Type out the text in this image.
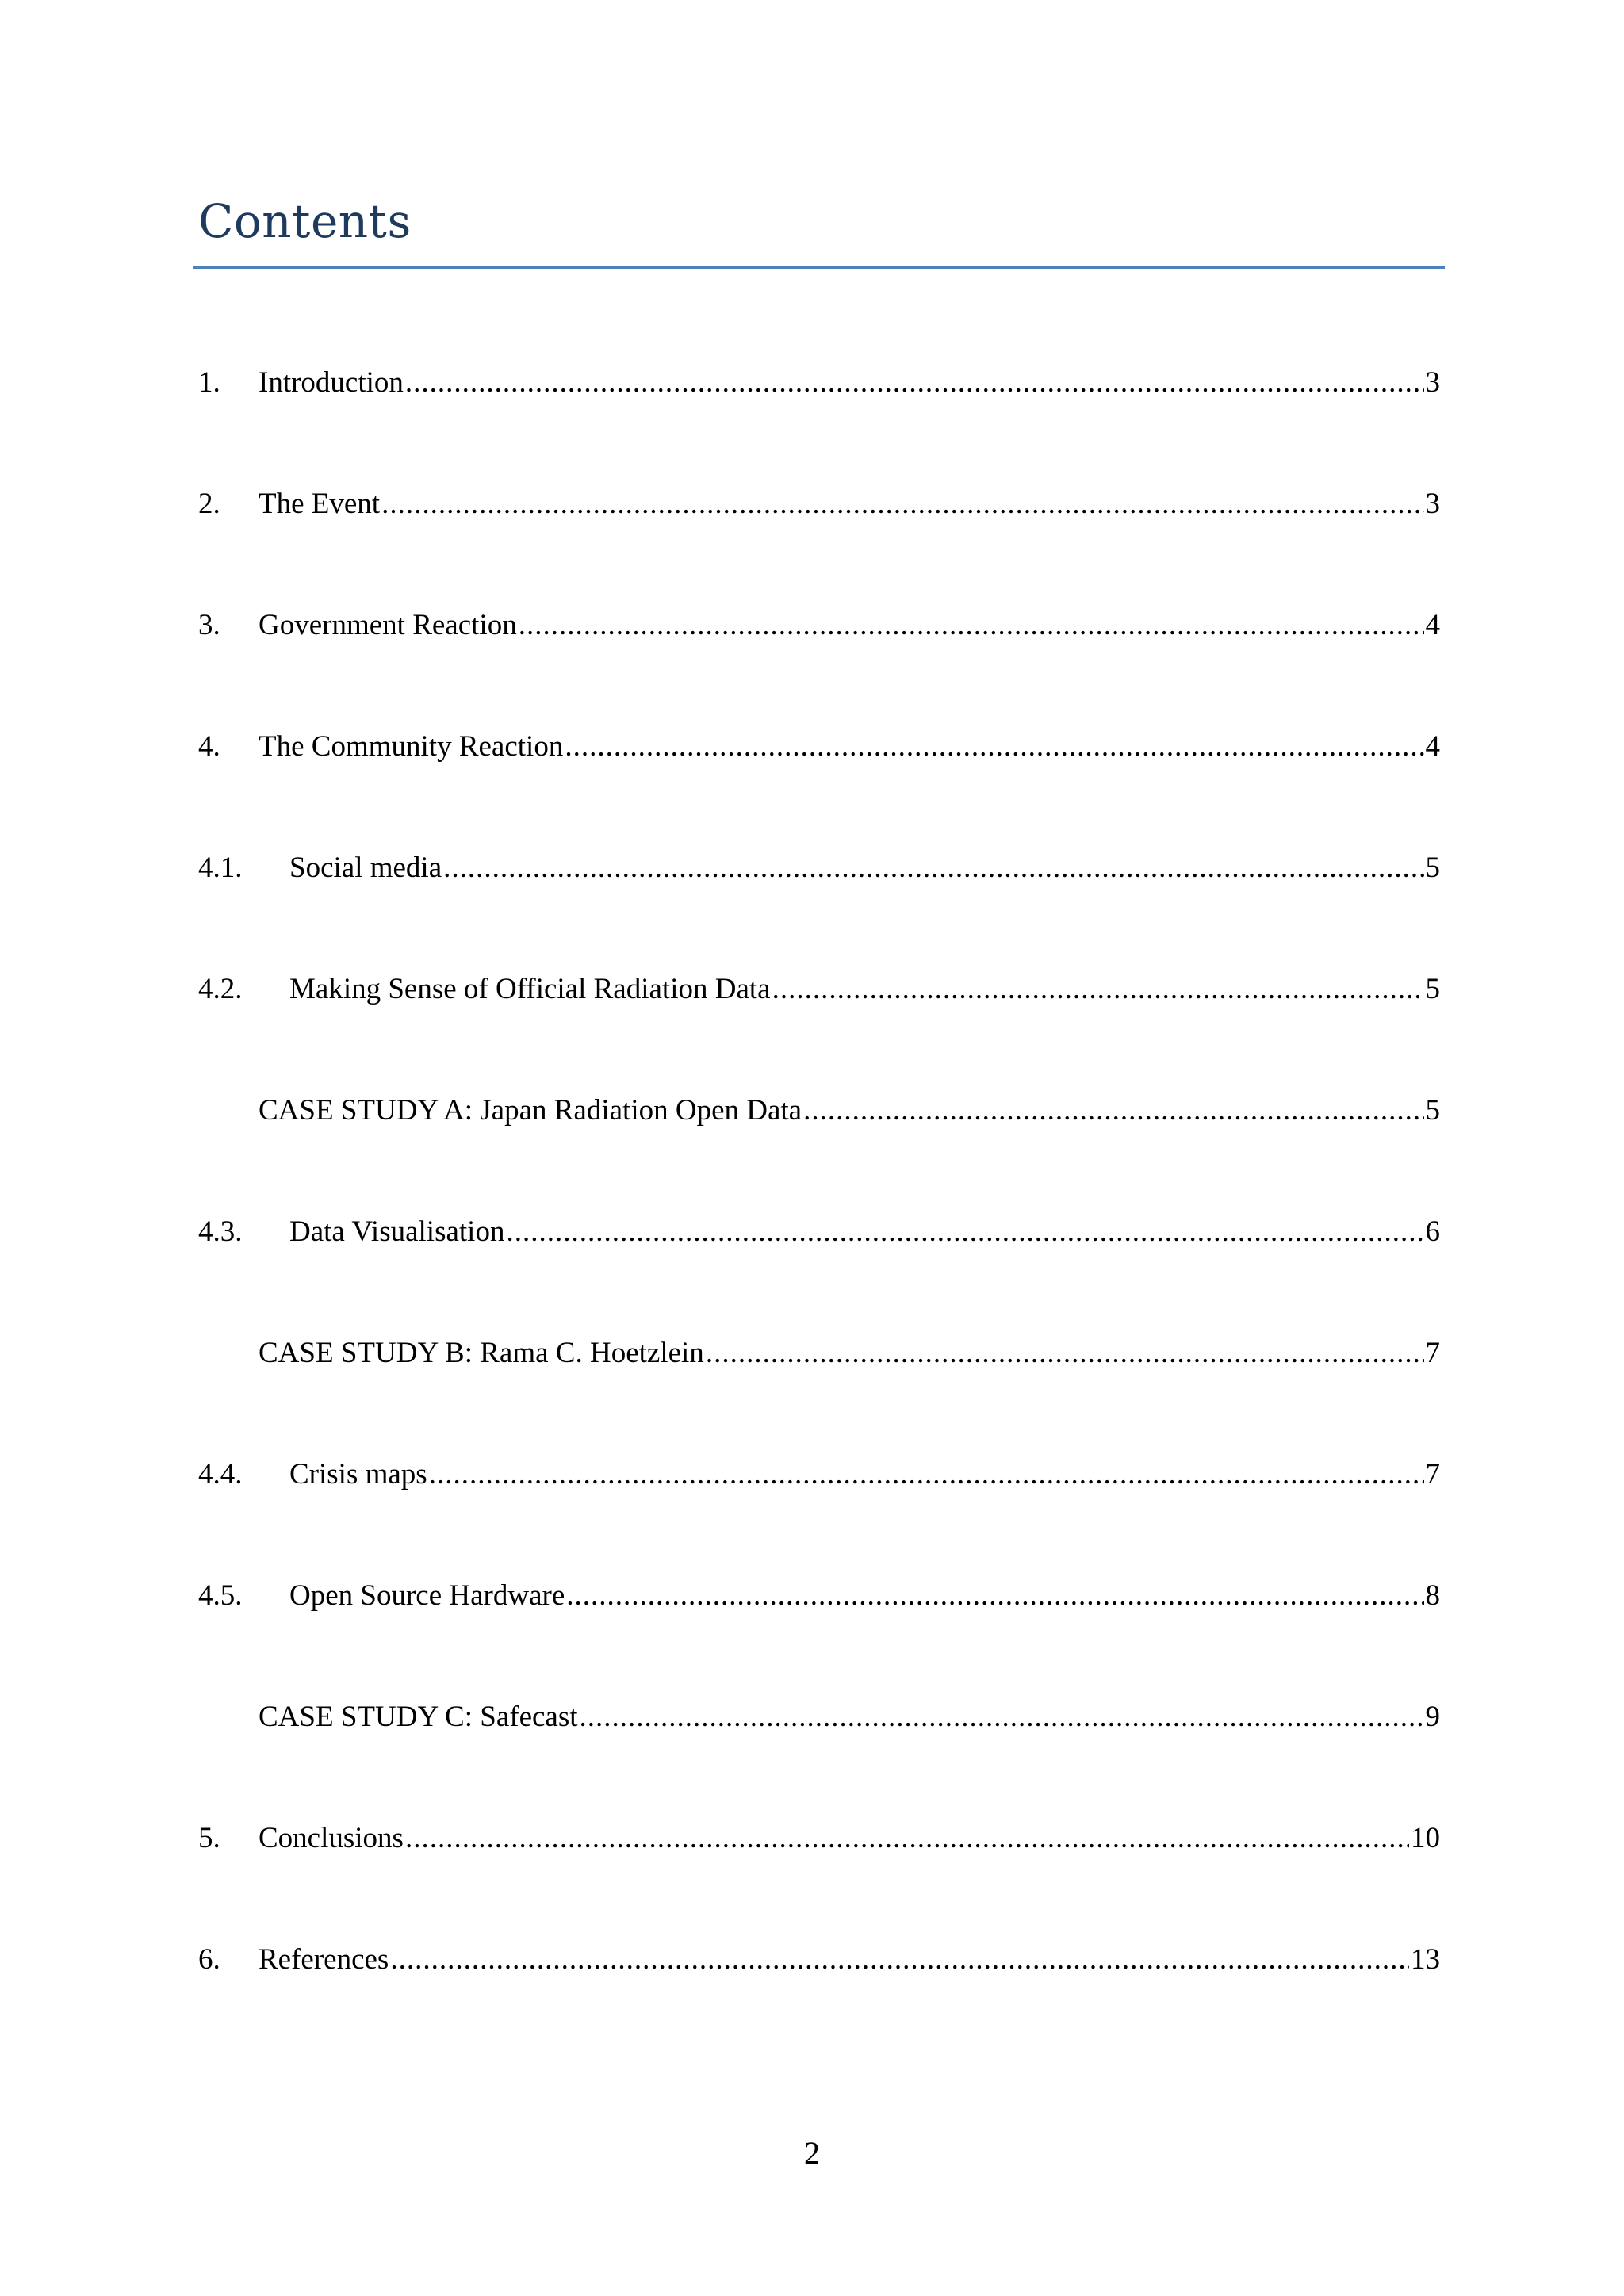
Contents
1. Introduction .....	3
2. The Event .....	3
3. Government Reaction .....	4
4. The Community Reaction .....	4
4.1. Social media .....	5
4.2. Making Sense of Official Radiation Data .....	5
CASE STUDY A: Japan Radiation Open Data .....	5
4.3. Data Visualisation .....	6
CASE STUDY B: Rama C. Hoetzlein .....	7
4.4. Crisis maps .....	7
4.5. Open Source Hardware .....	8
CASE STUDY C: Safecast .....	9
5. Conclusions .....	10
6. References .....	13
2
